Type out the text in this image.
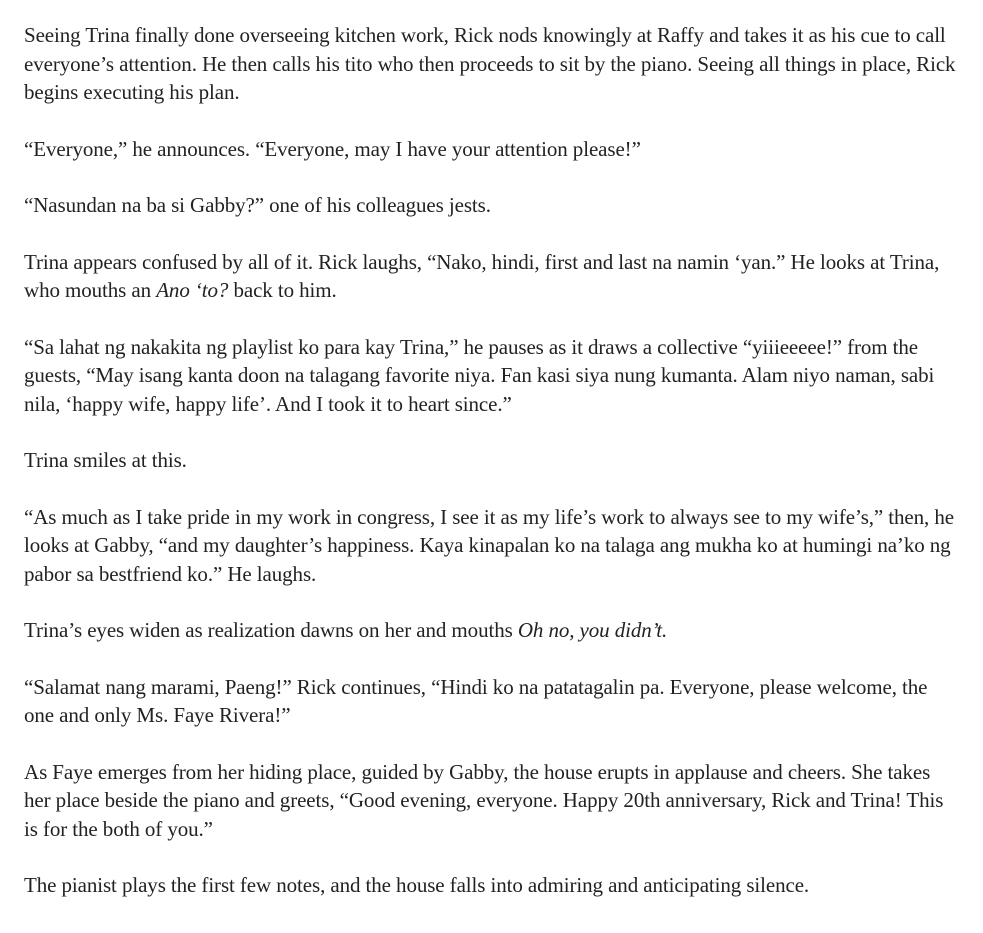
Seeing Trina finally done overseeing kitchen work, Rick nods knowingly at Raffy and takes it as his cue to call everyone’s attention. He then calls his tito who then proceeds to sit by the piano. Seeing all things in place, Rick begins executing his plan.

“Everyone,” he announces. “Everyone, may I have your attention please!”

“Nasundan na ba si Gabby?” one of his colleagues jests.

Trina appears confused by all of it. Rick laughs, “Nako, hindi, first and last na namin ‘yan.” He looks at Trina, who mouths an Ano ‘to? back to him.

“Sa lahat ng nakakita ng playlist ko para kay Trina,” he pauses as it draws a collective “yiiieeeee!” from the guests, “May isang kanta doon na talagang favorite niya. Fan kasi siya nung kumanta. Alam niyo naman, sabi nila, ‘happy wife, happy life’. And I took it to heart since.”

Trina smiles at this.

“As much as I take pride in my work in congress, I see it as my life’s work to always see to my wife’s,” then, he looks at Gabby, “and my daughter’s happiness. Kaya kinapalan ko na talaga ang mukha ko at humingi na’ko ng pabor sa bestfriend ko.” He laughs.

Trina’s eyes widen as realization dawns on her and mouths Oh no, you didn’t.

“Salamat nang marami, Paeng!” Rick continues, “Hindi ko na patatagalin pa. Everyone, please welcome, the one and only Ms. Faye Rivera!”

As Faye emerges from her hiding place, guided by Gabby, the house erupts in applause and cheers. She takes her place beside the piano and greets, “Good evening, everyone. Happy 20th anniversary, Rick and Trina! This is for the both of you.”

The pianist plays the first few notes, and the house falls into admiring and anticipating silence.
